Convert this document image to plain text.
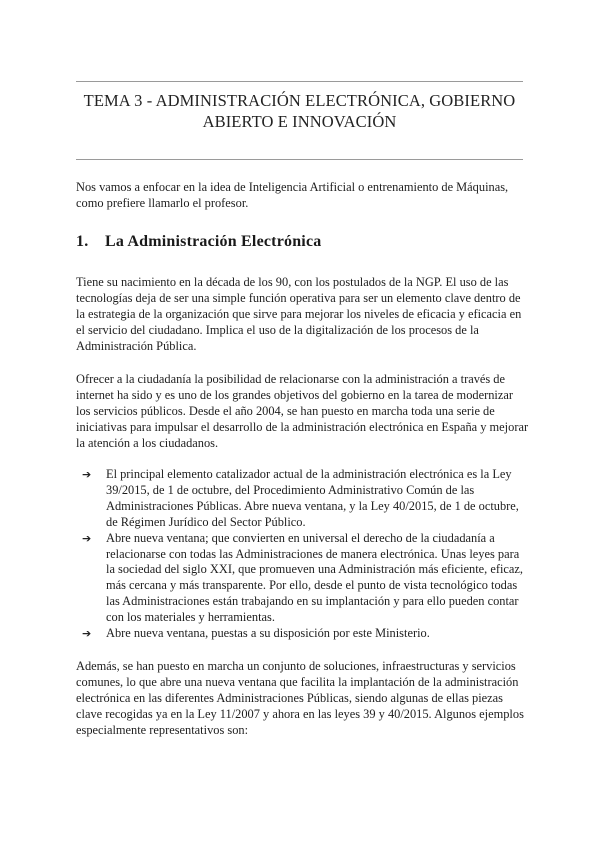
TEMA 3 - ADMINISTRACIÓN ELECTRÓNICA, GOBIERNO ABIERTO E INNOVACIÓN

Nos vamos a enfocar en la idea de Inteligencia Artificial o entrenamiento de Máquinas, como prefiere llamarlo el profesor.

1. La Administración Electrónica

Tiene su nacimiento en la década de los 90, con los postulados de la NGP. El uso de las tecnologías deja de ser una simple función operativa para ser un elemento clave dentro de la estrategia de la organización que sirve para mejorar los niveles de eficacia y eficacia en el servicio del ciudadano. Implica el uso de la digitalización de los procesos de la Administración Pública.

Ofrecer a la ciudadanía la posibilidad de relacionarse con la administración a través de internet ha sido y es uno de los grandes objetivos del gobierno en la tarea de modernizar los servicios públicos. Desde el año 2004, se han puesto en marcha toda una serie de iniciativas para impulsar el desarrollo de la administración electrónica en España y mejorar la atención a los ciudadanos.

➔ El principal elemento catalizador actual de la administración electrónica es la Ley 39/2015, de 1 de octubre, del Procedimiento Administrativo Común de las Administraciones Públicas. Abre nueva ventana, y la Ley 40/2015, de 1 de octubre, de Régimen Jurídico del Sector Público.
➔ Abre nueva ventana; que convierten en universal el derecho de la ciudadanía a relacionarse con todas las Administraciones de manera electrónica. Unas leyes para la sociedad del siglo XXI, que promueven una Administración más eficiente, eficaz, más cercana y más transparente. Por ello, desde el punto de vista tecnológico todas las Administraciones están trabajando en su implantación y para ello pueden contar con los materiales y herramientas.
➔ Abre nueva ventana, puestas a su disposición por este Ministerio.

Además, se han puesto en marcha un conjunto de soluciones, infraestructuras y servicios comunes, lo que abre una nueva ventana que facilita la implantación de la administración electrónica en las diferentes Administraciones Públicas, siendo algunas de ellas piezas clave recogidas ya en la Ley 11/2007 y ahora en las leyes 39 y 40/2015. Algunos ejemplos especialmente representativos son:
